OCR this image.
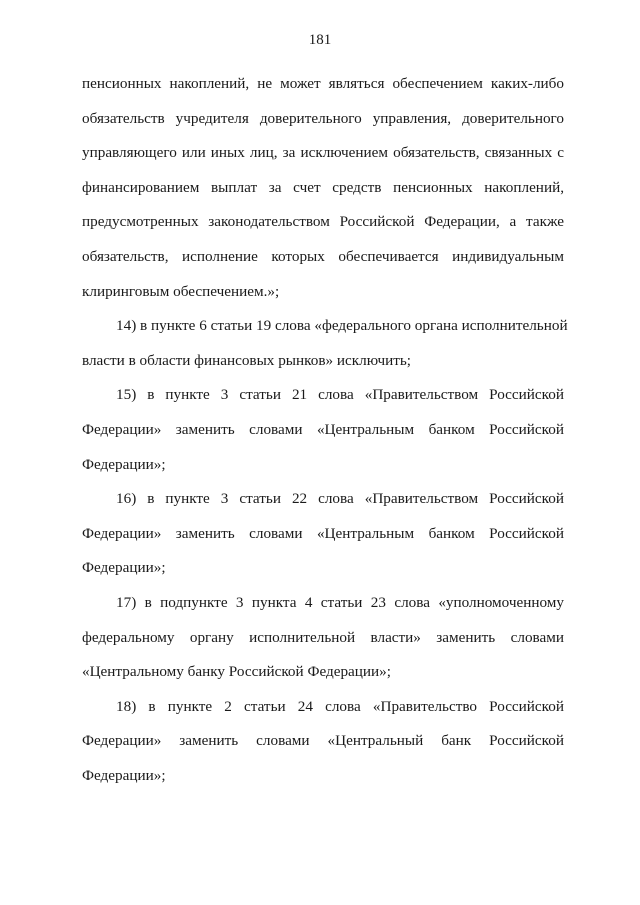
181
пенсионных накоплений, не может являться обеспечением каких-либо
обязательств учредителя доверительного управления, доверительного
управляющего или иных лиц, за исключением обязательств, связанных с
финансированием выплат за счет средств пенсионных накоплений,
предусмотренных законодательством Российской Федерации, а также
обязательств, исполнение которых обеспечивается индивидуальным
клиринговым обеспечением.»;
14) в пункте 6 статьи 19 слова «федерального органа исполнительной
власти в области финансовых рынков» исключить;
15) в пункте 3 статьи 21 слова «Правительством Российской
Федерации» заменить словами «Центральным банком Российской
Федерации»;
16) в пункте 3 статьи 22 слова «Правительством Российской
Федерации» заменить словами «Центральным банком Российской
Федерации»;
17) в подпункте 3 пункта 4 статьи 23 слова «уполномоченному
федеральному органу исполнительной власти» заменить словами
«Центральному банку Российской Федерации»;
18) в пункте 2 статьи 24 слова «Правительство Российской
Федерации» заменить словами «Центральный банк Российской
Федерации»;
